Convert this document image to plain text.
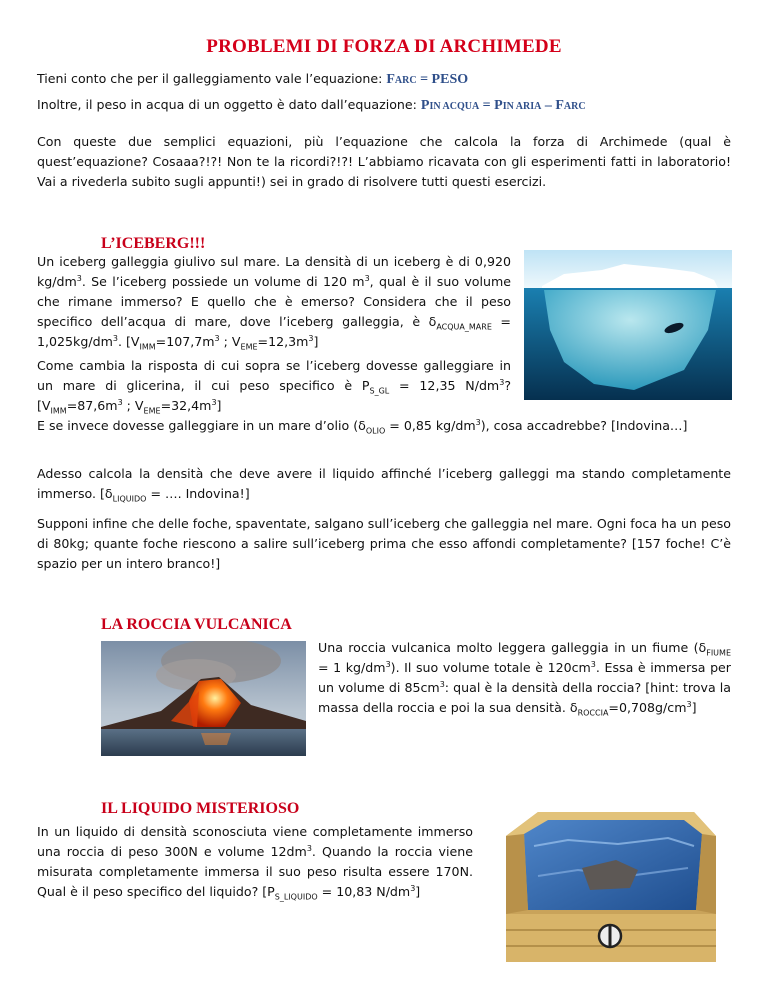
PROBLEMI DI FORZA DI ARCHIMEDE
Tieni conto che per il galleggiamento vale l’equazione: FARC = PESO
Inoltre, il peso in acqua di un oggetto è dato dall’equazione: PIN ACQUA = PIN ARIA – FARC
Con queste due semplici equazioni, più l’equazione che calcola la forza di Archimede (qual è quest’equazione? Cosaaa?!?! Non te la ricordi?!?! L’abbiamo ricavata con gli esperimenti fatti in laboratorio! Vai a rivederla subito sugli appunti!) sei in grado di risolvere tutti questi esercizi.
L’ICEBERG!!!
Un iceberg galleggia giulivo sul mare. La densità di un iceberg è di 0,920 $kg/dm^3$. Se l’iceberg possiede un volume di 120 $m^3$, qual è il suo volume che rimane immerso? E quello che è emerso? Considera che il peso specifico dell’acqua di mare, dove l’iceberg galleggia, è $\delta_{ACQUA\_MARE} = 1,025kg/dm^3$. [$V_{IMM}=107,7m^3$ ; $V_{EME}=12,3m^3$]
Come cambia la risposta di cui sopra se l’iceberg dovesse galleggiare in un mare di glicerina, il cui peso specifico è $P_{S\_GL} = 12,35$ $N/dm^3$? [$V_{IMM}=87,6m^3$ ; $V_{EME}=32,4m^3$]
E se invece dovesse galleggiare in un mare d’olio ($\delta_{OLIO} = 0,85$ $kg/dm^3$), cosa accadrebbe? [Indovina…]
Adesso calcola la densità che deve avere il liquido affinché l’iceberg galleggi ma stando completamente immerso. [$\delta_{LIQUIDO}$ = …. Indovina!]
Supponi infine che delle foche, spaventate, salgano sull’iceberg che galleggia nel mare. Ogni foca ha un peso di 80kg; quante foche riescono a salire sull’iceberg prima che esso affondi completamente? [157 foche! C’è spazio per un intero branco!]
LA ROCCIA VULCANICA
Una roccia vulcanica molto leggera galleggia in un fiume ($\delta_{FIUME} = 1$ $kg/dm^3$). Il suo volume totale è $120cm^3$. Essa è immersa per un volume di $85cm^3$: qual è la densità della roccia? [hint: trova la massa della roccia e poi la sua densità. $\delta_{ROCCIA}=0,708g/cm^3$]
IL LIQUIDO MISTERIOSO
In un liquido di densità sconosciuta viene completamente immerso una roccia di peso 300N e volume $12dm^3$. Quando la roccia viene misurata completamente immersa il suo peso risulta essere 170N. Qual è il peso specifico del liquido? [$P_{S\_LIQUIDO} = 10,83$ $N/dm^3$]
